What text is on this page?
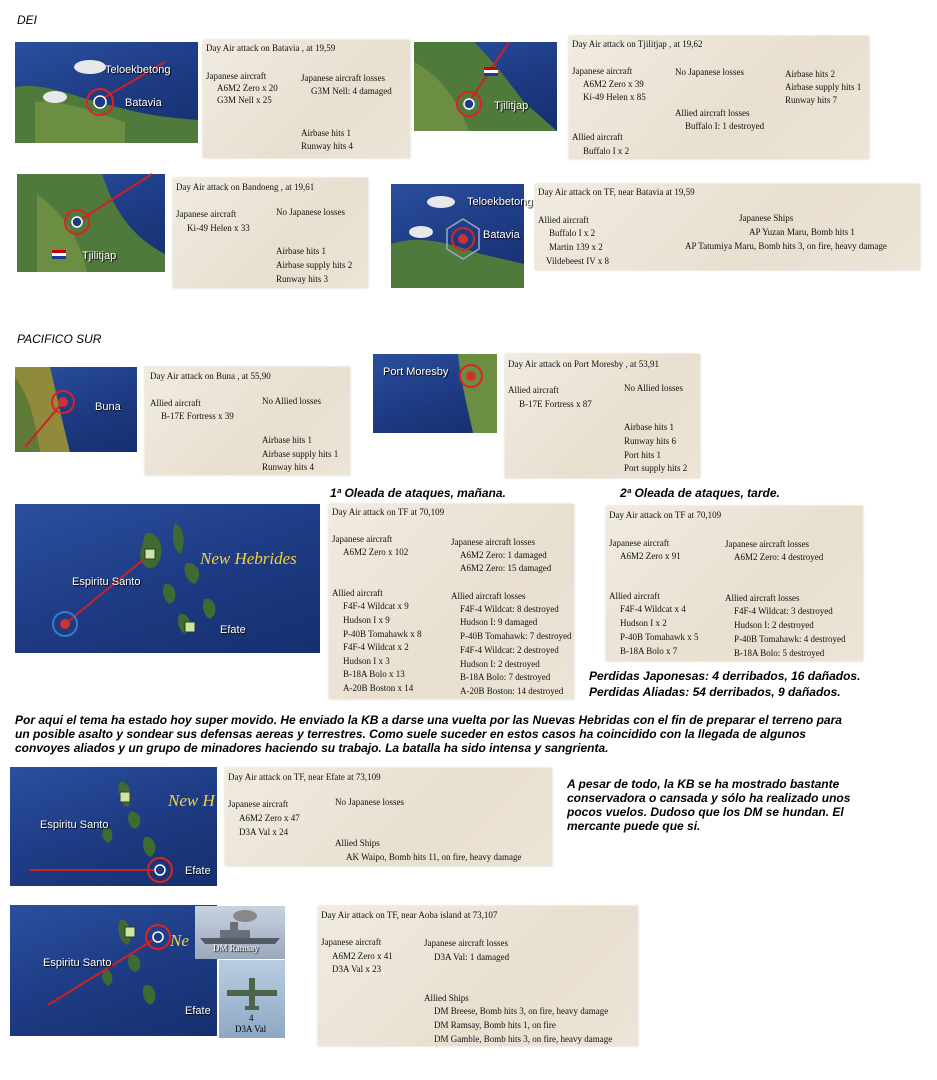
DEI
PACIFICO SUR
Teloekbetong
Batavia	Tjilitjap
Tjilitjap
Teloekbetong
Batavia
Buna
Port Moresby
New Hebrides
Espiritu Santo
Efate
New H
Espiritu Santo
Efate
Ne
Espiritu Santo
Efate
Day Air attack on Batavia , at 19,59
Japanese aircraft
A6M2 Zero x 20
G3M Nell x 25
Japanese aircraft losses
G3M Nell: 4 damaged
Airbase hits 1
Runway hits 4
Day Air attack on Tjilitjap , at 19,62
Japanese aircraft
A6M2 Zero x 39
Ki-49 Helen x 85
Allied aircraft
Buffalo I x 2
No Japanese losses
Allied aircraft losses
Buffalo I: 1 destroyed
Airbase hits 2
Airbase supply hits 1
Runway hits 7
Day Air attack on Bandoeng , at 19,61
Japanese aircraft
Ki-49 Helen x 33
No Japanese losses
Airbase hits 1
Airbase supply hits 2
Runway hits 3
Day Air attack on TF, near Batavia at 19,59
Allied aircraft
Buffalo I x 2
Martin 139 x 2
Vildebeest IV x 8
Japanese Ships
AP Yuzan Maru, Bomb hits 1
AP Tatumiya Maru, Bomb hits 3, on fire, heavy damage
Day Air attack on Buna , at 55,90
Allied aircraft
B-17E Fortress x 39
No Allied losses
Airbase hits 1
Airbase supply hits 1
Runway hits 4
Day Air attack on Port Moresby , at 53,91
Allied aircraft
B-17E Fortress x 87
No Allied losses
Airbase hits 1
Runway hits 6
Port hits 1
Port supply hits 2
1ª Oleada de ataques, mañana.	2ª Oleada de ataques, tarde.
Day Air attack on TF at 70,109
Japanese aircraft
A6M2 Zero x 102
Allied aircraft
F4F-4 Wildcat x 9
Hudson I x 9
P-40B Tomahawk x 8
F4F-4 Wildcat x 2
Hudson I x 3
B-18A Bolo x 13
A-20B Boston x 14
Japanese aircraft losses
A6M2 Zero: 1 damaged
A6M2 Zero: 15 damaged
Allied aircraft losses
F4F-4 Wildcat: 8 destroyed
Hudson I: 9 damaged
P-40B Tomahawk: 7 destroyed
F4F-4 Wildcat: 2 destroyed
Hudson I: 2 destroyed
B-18A Bolo: 7 destroyed
A-20B Boston: 14 destroyed
Day Air attack on TF at 70,109
Japanese aircraft
A6M2 Zero x 91
Allied aircraft
F4F-4 Wildcat x 4
Hudson I x 2
P-40B Tomahawk x 5
B-18A Bolo x 7
Japanese aircraft losses
A6M2 Zero: 4 destroyed
Allied aircraft losses
F4F-4 Wildcat: 3 destroyed
Hudson I: 2 destroyed
P-40B Tomahawk: 4 destroyed
B-18A Bolo: 5 destroyed
Perdidas Japonesas: 4 derribados, 16 dañados.
Perdidas Aliadas: 54 derribados, 9 dañados.
Por aqui el tema ha estado hoy super movido. He enviado la KB a darse una vuelta por las Nuevas Hebridas con el fin de preparar el terreno para
un posible asalto y sondear sus defensas aereas y terrestres. Como suele suceder en estos casos ha coincidido con la llegada de algunos
convoyes aliados y un grupo de minadores haciendo su trabajo. La batalla ha sido intensa y sangrienta.
Day Air attack on TF, near Efate at 73,109
Japanese aircraft
A6M2 Zero x 47
D3A Val x 24
No Japanese losses
Allied Ships
AK Waipo, Bomb hits 11, on fire, heavy damage
A pesar de todo, la KB se ha mostrado bastante
conservadora o cansada y sólo ha realizado unos
pocos vuelos. Dudoso que los DM se hundan. El
mercante puede que si.
DM Ramsay
4
D3A Val
Day Air attack on TF, near Aoba island at 73,107
Japanese aircraft
A6M2 Zero x 41
D3A Val x 23
Japanese aircraft losses
D3A Val: 1 damaged
Allied Ships
DM Breese, Bomb hits 3, on fire, heavy damage
DM Ramsay, Bomb hits 1, on fire
DM Gamble, Bomb hits 3, on fire, heavy damage
